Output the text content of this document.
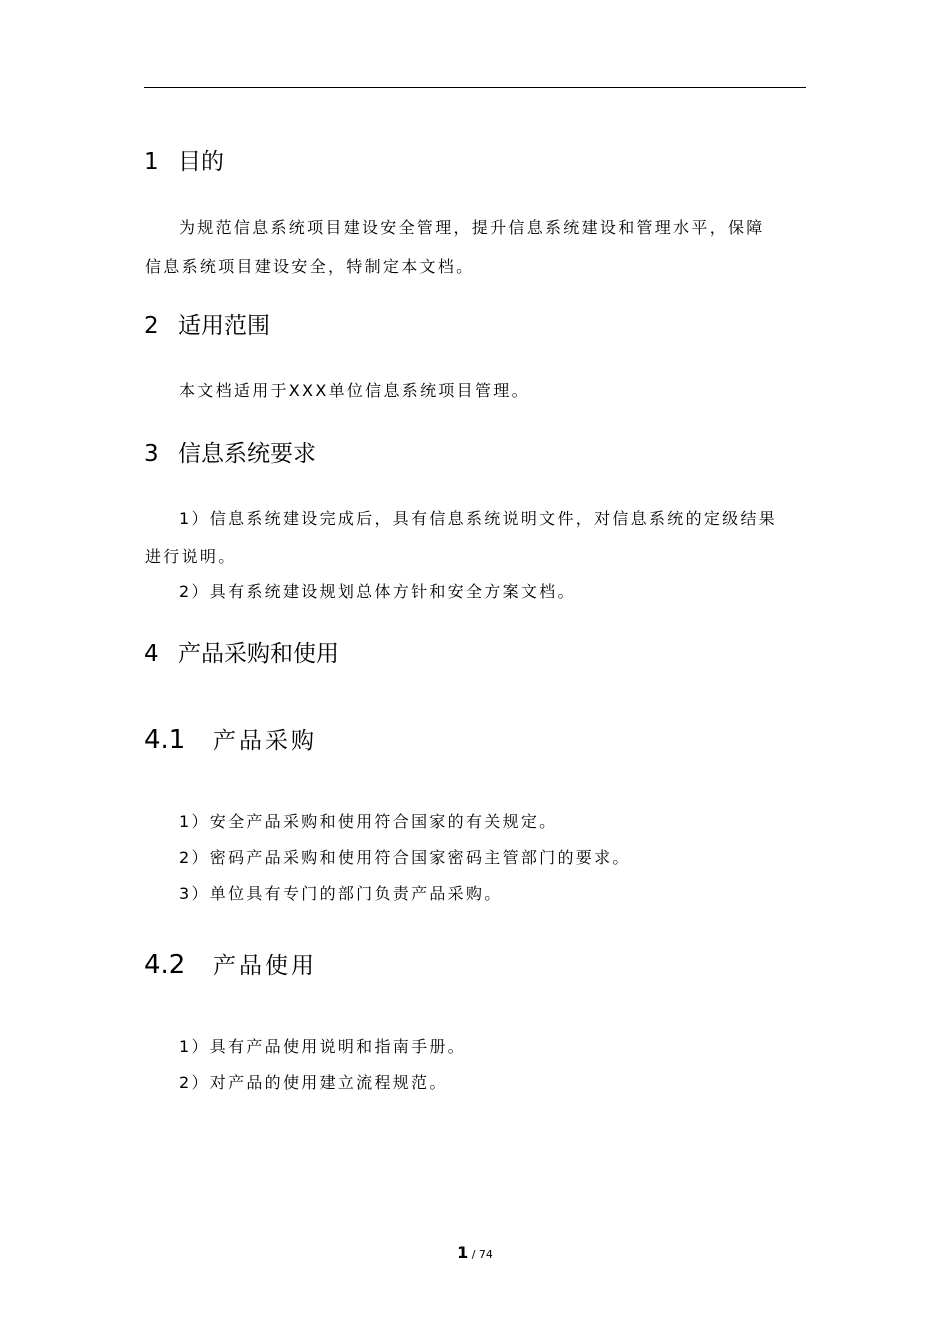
1 目的
为规范信息系统项目建设安全管理，提升信息系统建设和管理水平，保障
信息系统项目建设安全，特制定本文档。
2 适用范围
本文档适用于XXX单位信息系统项目管理。
3 信息系统要求
1）信息系统建设完成后，具有信息系统说明文件，对信息系统的定级结果
进行说明。
2）具有系统建设规划总体方针和安全方案文档。
4 产品采购和使用
4.1 产品采购
1）安全产品采购和使用符合国家的有关规定。
2）密码产品采购和使用符合国家密码主管部门的要求。
3）单位具有专门的部门负责产品采购。
4.2 产品使用
1）具有产品使用说明和指南手册。
2）对产品的使用建立流程规范。
1 / 74
